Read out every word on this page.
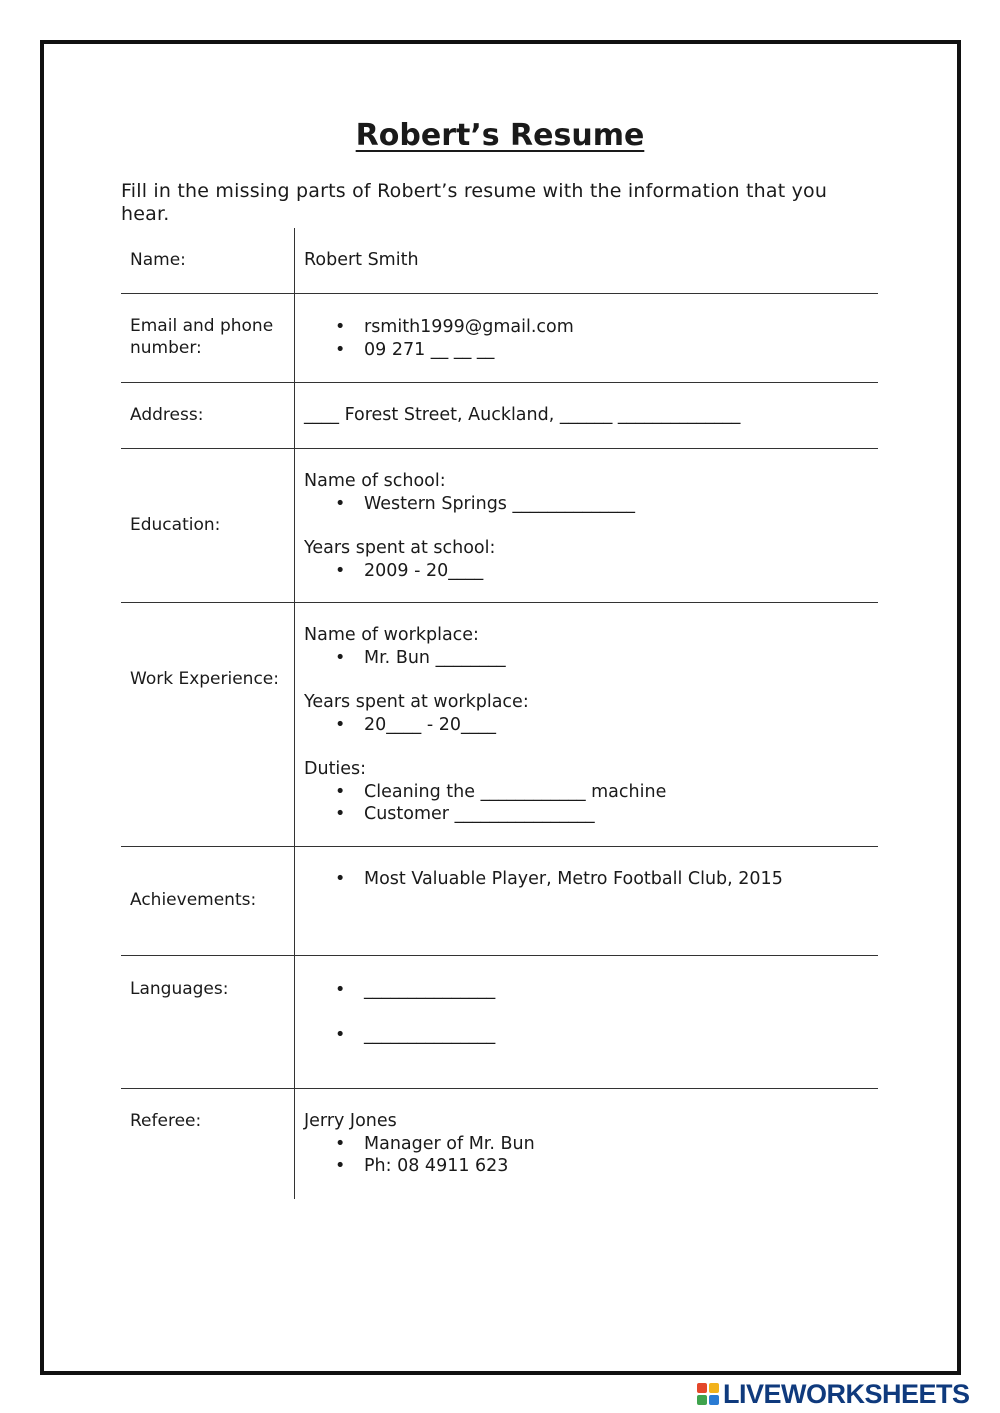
Robert’s Resume
Fill in the missing parts of Robert’s resume with the information that you hear.
Name:	Robert Smith
Email and phone number:
• rsmith1999@gmail.com
• 09 271 __ __ __
Address:	____ Forest Street, Auckland, ______ ______________
Education:
Name of school:
• Western Springs ______________
Years spent at school:
• 2009 - 20____
Work Experience:
Name of workplace:
• Mr. Bun ________
Years spent at workplace:
• 20____ - 20____
Duties:
• Cleaning the ____________ machine
• Customer ________________
Achievements:
• Most Valuable Player, Metro Football Club, 2015
Languages:
•	_______________
• _______________
Referee:	Jerry Jones
• Manager of Mr. Bun
• Ph: 08 4911 623
LIVEWORKSHEETS
